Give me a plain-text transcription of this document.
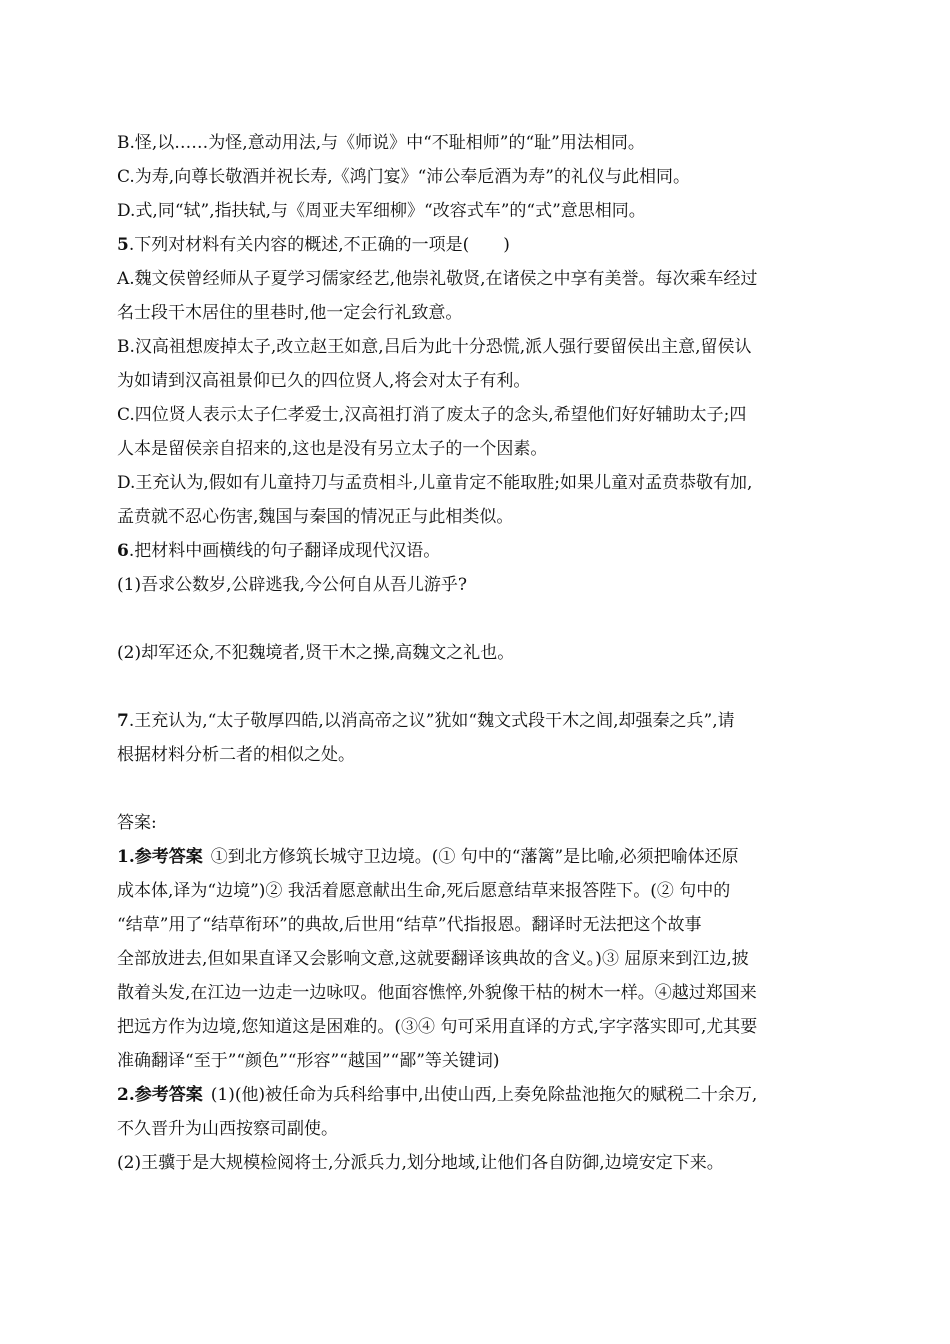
B.怪,以……为怪,意动用法,与《师说》中“不耻相师”的“耻”用法相同。
C.为寿,向尊长敬酒并祝长寿,《鸿门宴》“沛公奉卮酒为寿”的礼仪与此相同。
D.式,同“轼”,指扶轼,与《周亚夫军细柳》“改容式车”的“式”意思相同。
5.下列对材料有关内容的概述,不正确的一项是(　　)
A.魏文侯曾经师从子夏学习儒家经艺,他崇礼敬贤,在诸侯之中享有美誉。每次乘车经过
名士段干木居住的里巷时,他一定会行礼致意。
B.汉高祖想废掉太子,改立赵王如意,吕后为此十分恐慌,派人强行要留侯出主意,留侯认
为如请到汉高祖景仰已久的四位贤人,将会对太子有利。
C.四位贤人表示太子仁孝爱士,汉高祖打消了废太子的念头,希望他们好好辅助太子;四
人本是留侯亲自招来的,这也是没有另立太子的一个因素。
D.王充认为,假如有儿童持刀与孟贲相斗,儿童肯定不能取胜;如果儿童对孟贲恭敬有加,
孟贲就不忍心伤害,魏国与秦国的情况正与此相类似。
6.把材料中画横线的句子翻译成现代汉语。
(1)吾求公数岁,公辟逃我,今公何自从吾儿游乎?
(2)却军还众,不犯魏境者,贤干木之操,高魏文之礼也。
7.王充认为,“太子敬厚四皓,以消高帝之议”犹如“魏文式段干木之闾,却强秦之兵”,请
根据材料分析二者的相似之处。
答案:
1.参考答案 ①到北方修筑长城守卫边境。(① 句中的“藩篱”是比喻,必须把喻体还原
成本体,译为“边境”)② 我活着愿意献出生命,死后愿意结草来报答陛下。(② 句中的
“结草”用了“结草衔环”的典故,后世用“结草”代指报恩。翻译时无法把这个故事
全部放进去,但如果直译又会影响文意,这就要翻译该典故的含义。)③ 屈原来到江边,披
散着头发,在江边一边走一边咏叹。他面容憔悴,外貌像干枯的树木一样。④越过郑国来
把远方作为边境,您知道这是困难的。(③④ 句可采用直译的方式,字字落实即可,尤其要
准确翻译“至于”“颜色”“形容”“越国”“鄙”等关键词)
2.参考答案 (1)(他)被任命为兵科给事中,出使山西,上奏免除盐池拖欠的赋税二十余万,
不久晋升为山西按察司副使。
(2)王骥于是大规模检阅将士,分派兵力,划分地域,让他们各自防御,边境安定下来。
